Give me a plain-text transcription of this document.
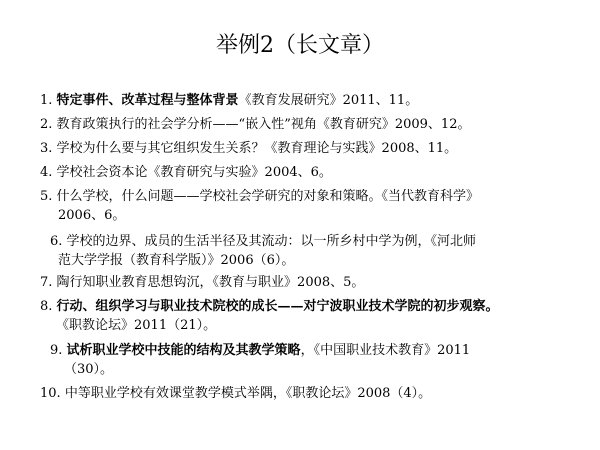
举例2（长文章）
1. 特定事件、改革过程与整体背景《教育发展研究》2011、11。
2. 教育政策执行的社会学分析——“嵌入性”视角《教育研究》2009、12。
3. 学校为什么要与其它组织发生关系？《教育理论与实践》2008、11。
4. 学校社会资本论《教育研究与实验》2004、6。
5. 什么学校，什么问题——学校社会学研究的对象和策略。《当代教育科学》
2006、6。
6. 学校的边界、成员的生活半径及其流动：以一所乡村中学为例，《河北师
范大学学报（教育科学版）》2006（6）。
7. 陶行知职业教育思想钩沉，《教育与职业》2008、5。
8. 行动、组织学习与职业技术院校的成长——对宁波职业技术学院的初步观察。
《职教论坛》2011（21）。
9. 试析职业学校中技能的结构及其教学策略，《中国职业技术教育》2011
（30）。
10. 中等职业学校有效课堂教学模式举隅，《职教论坛》2008（4）。
